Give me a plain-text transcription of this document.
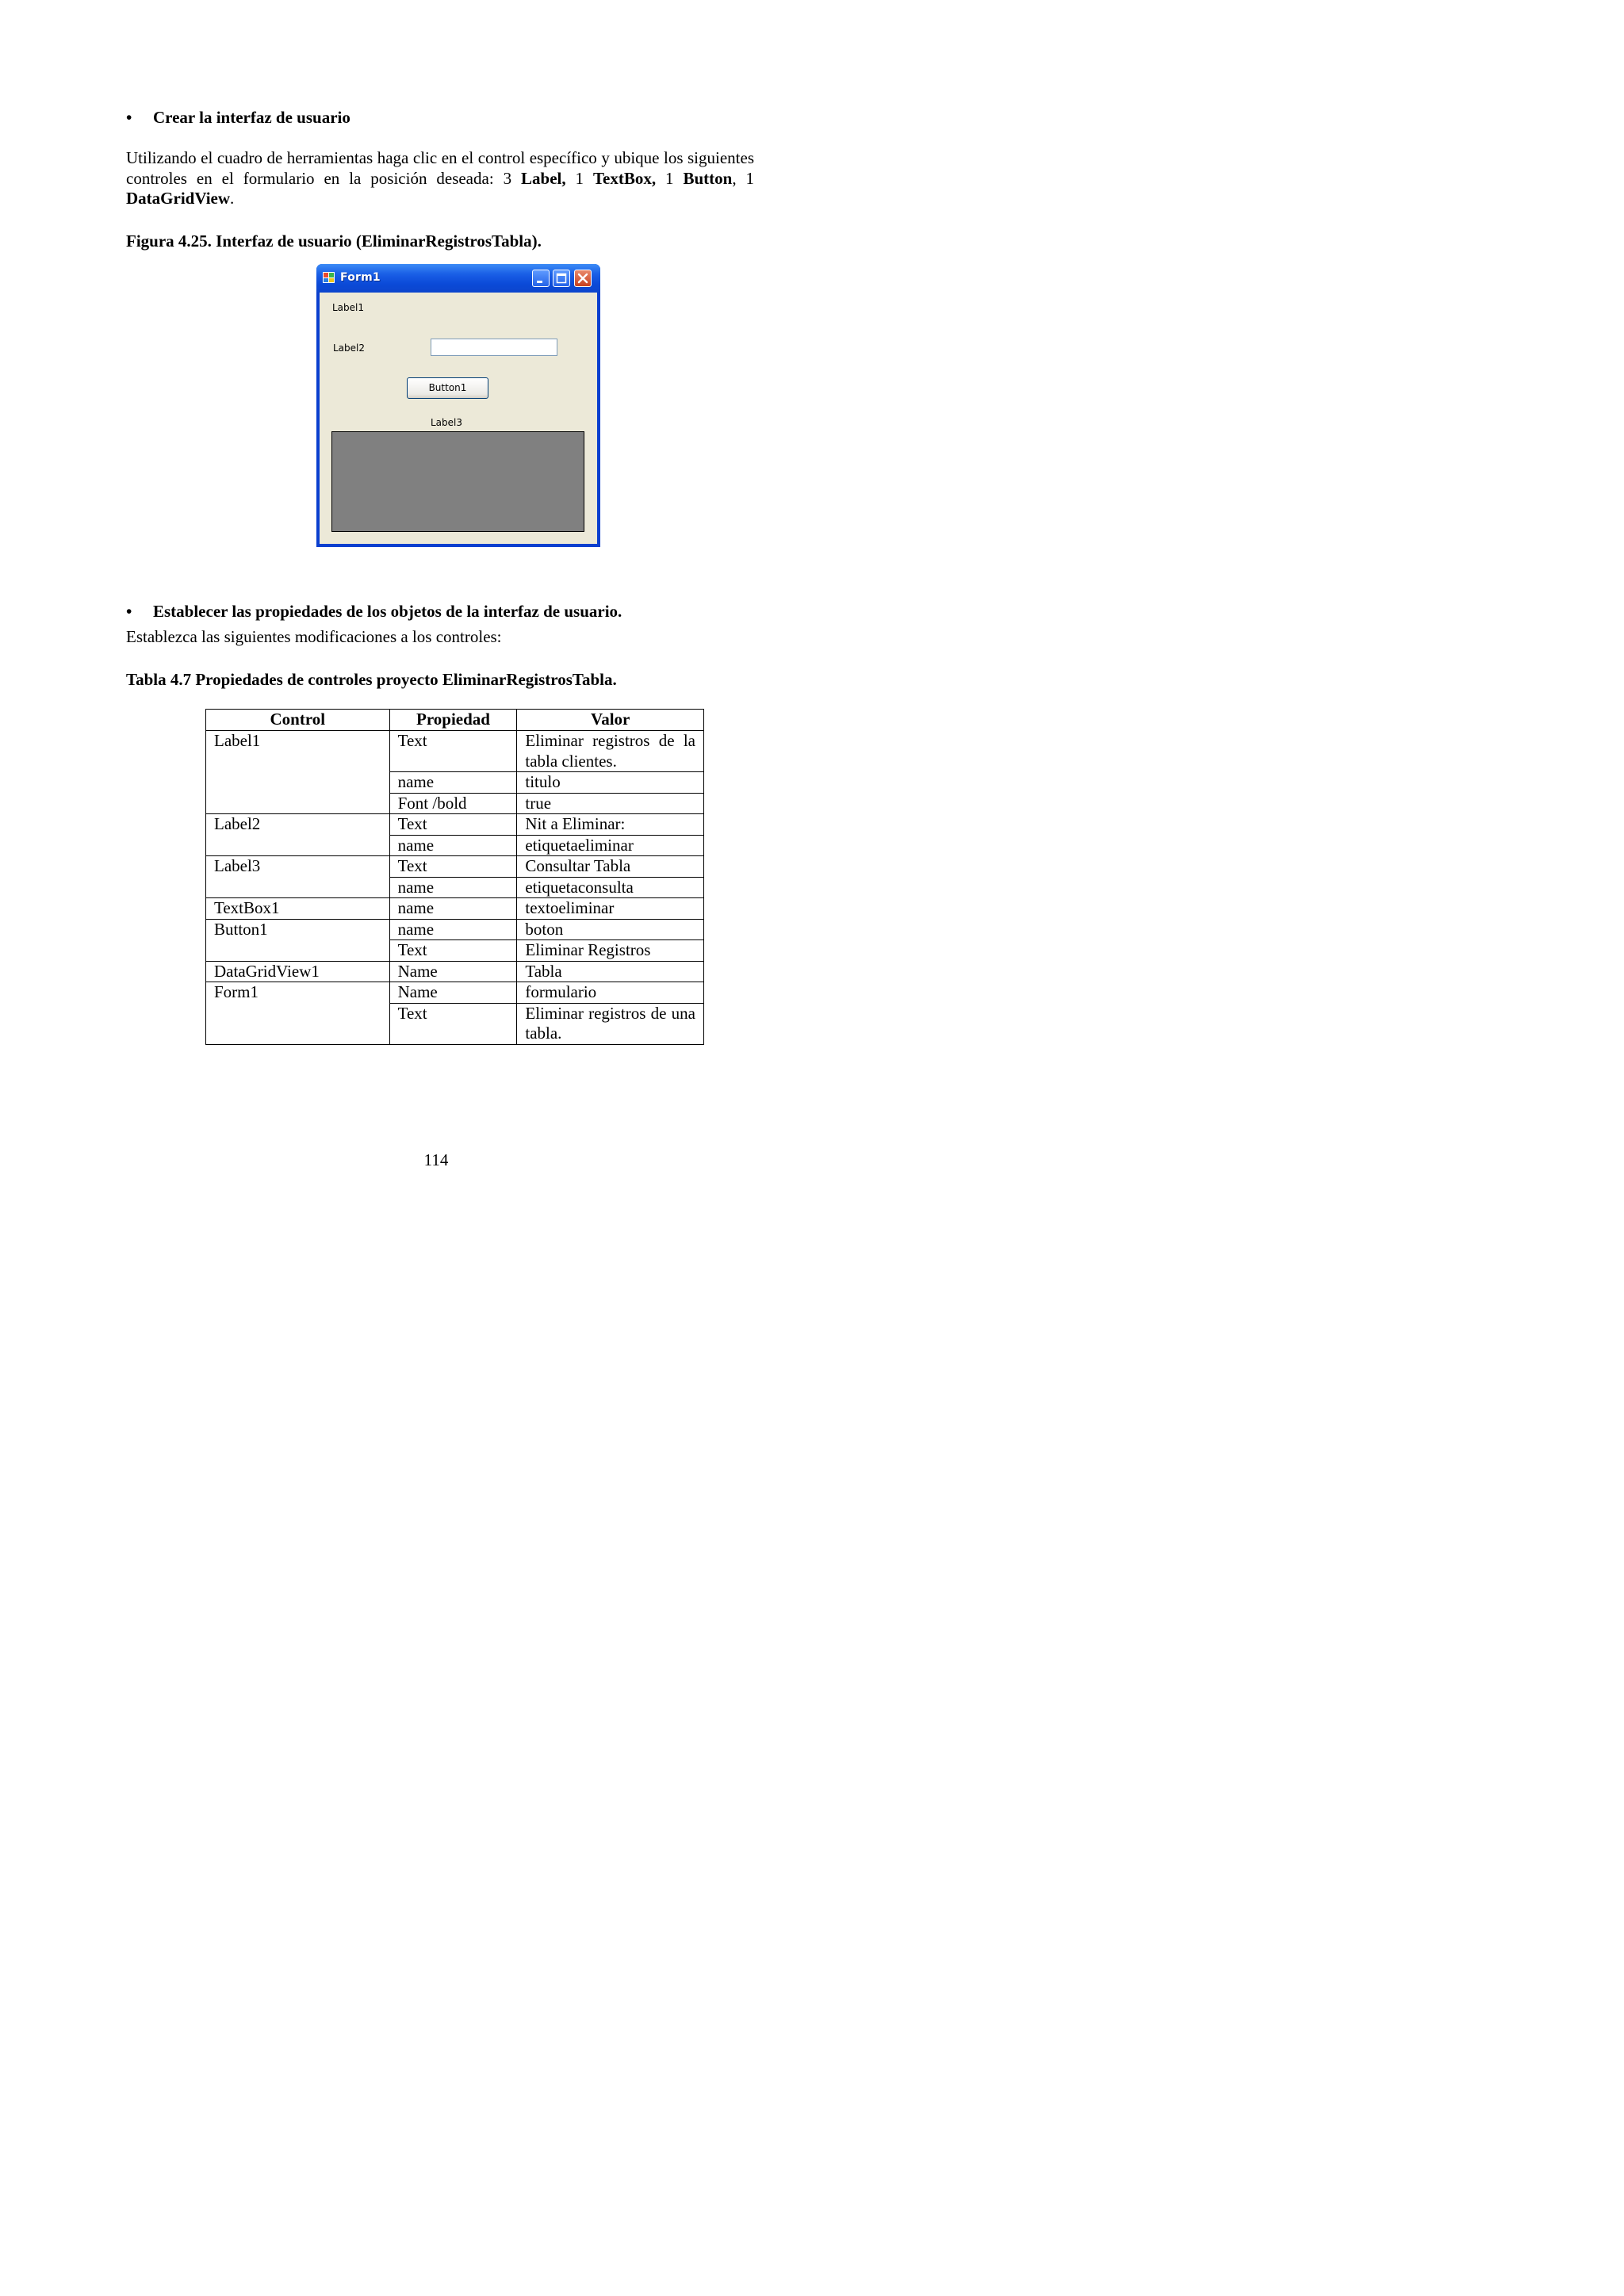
• Crear la interfaz de usuario
Utilizando el cuadro de herramientas haga clic en el control específico y ubique los siguientes controles en el formulario en la posición deseada: 3 Label, 1 TextBox, 1 Button, 1 DataGridView.
Figura 4.25. Interfaz de usuario (EliminarRegistrosTabla).
Form1
Label1
Label2
Button1
Label3
• Establecer las propiedades de los objetos de la interfaz de usuario.
Establezca las siguientes modificaciones a los controles:
Tabla 4.7 Propiedades de controles proyecto EliminarRegistrosTabla.
Control	Propiedad	Valor
Label1	Text	Eliminar registros de la tabla clientes.
	name	titulo
	Font /bold	true
Label2	Text	Nit a Eliminar:
	name	etiquetaeliminar
Label3	Text	Consultar Tabla
	name	etiquetaconsulta
TextBox1	name	textoeliminar
Button1	name	boton
	Text	Eliminar Registros
DataGridView1	Name	Tabla
Form1	Name	formulario
	Text	Eliminar registros de una tabla.
114
